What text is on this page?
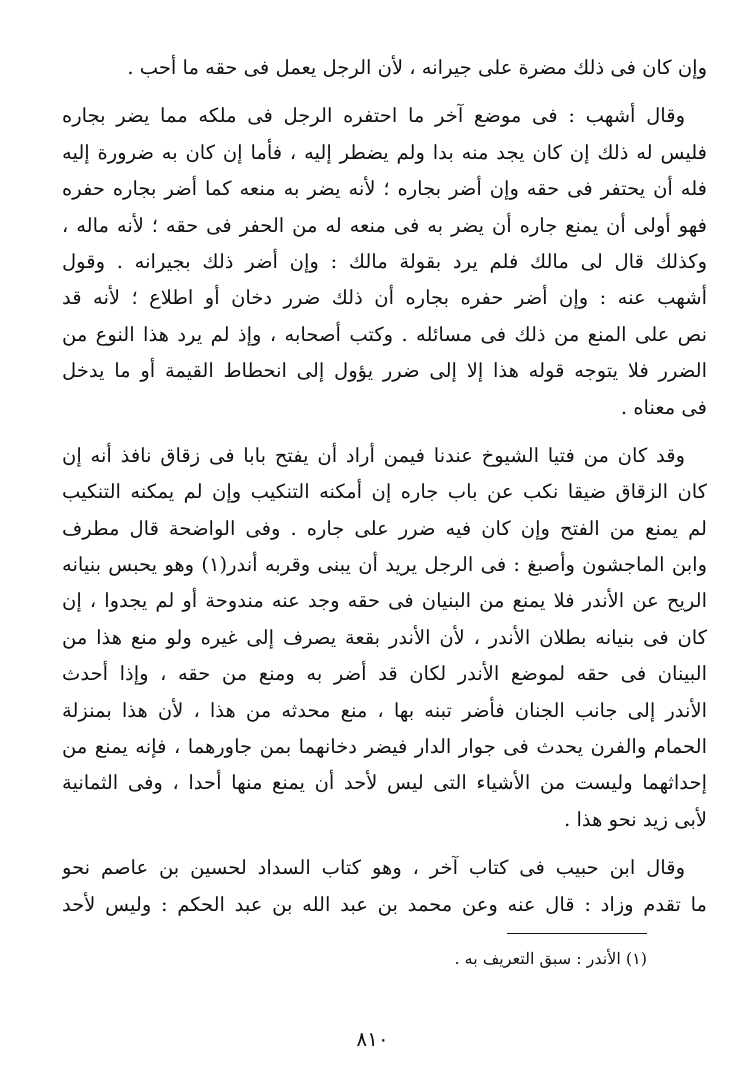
وإن كان فى ذلك مضرة على جيرانه ، لأن الرجل يعمل فى حقه ما أحب .
وقال أشهب : فى موضع آخر ما احتفره الرجل فى ملكه مما يضر بجاره
فليس له ذلك إن كان يجد منه بدا ولم يضطر إليه ، فأما إن كان به ضرورة إليه
فله أن يحتفر فى حقه وإن أضر بجاره ؛ لأنه يضر به منعه كما أضر بجاره حفره
فهو أولى أن يمنع جاره أن يضر به فى منعه له من الحفر فى حقه ؛ لأنه ماله ،
وكذلك قال لى مالك فلم يرد بقولة مالك : وإن أضر ذلك بجيرانه . وقول
أشهب عنه : وإن أضر حفره بجاره أن ذلك ضرر دخان أو اطلاع ؛ لأنه قد
نص على المنع من ذلك فى مسائله . وكتب أصحابه ، وإذ لم يرد هذا النوع من
الضرر فلا يتوجه قوله هذا إلا إلى ضرر يؤول إلى انحطاط القيمة أو ما يدخل
فى معناه .
وقد كان من فتيا الشيوخ عندنا فيمن أراد أن يفتح بابا فى زقاق نافذ أنه إن
كان الزقاق ضيقا نكب عن باب جاره إن أمكنه التنكيب وإن لم يمكنه التنكيب
لم يمنع من الفتح وإن كان فيه ضرر على جاره . وفى الواضحة قال مطرف
وابن الماجشون وأصبغ : فى الرجل يريد أن يبنى وقربه أندر(١) وهو يحبس بنيانه
الريح عن الأندر فلا يمنع من البنيان فى حقه وجد عنه مندوحة أو لم يجدوا ، إن
كان فى بنيانه بطلان الأندر ، لأن الأندر بقعة يصرف إلى غيره ولو منع هذا من
البينان فى حقه لموضع الأندر لكان قد أضر به ومنع من حقه ، وإذا أحدث
الأندر إلى جانب الجنان فأضر تبنه بها ، منع محدثه من هذا ، لأن هذا بمنزلة
الحمام والفرن يحدث فى جوار الدار فيضر دخانهما بمن جاورهما ، فإنه يمنع من
إحداثهما وليست من الأشياء التى ليس لأحد أن يمنع منها أحدا ، وفى الثمانية
لأبى زيد نحو هذا .
وقال ابن حبيب فى كتاب آخر ، وهو كتاب السداد لحسين بن عاصم نحو
ما تقدم وزاد : قال عنه وعن محمد بن عبد الله بن عبد الحكم : وليس لأحد
(١) الأندر : سبق التعريف به .
٨١٠
